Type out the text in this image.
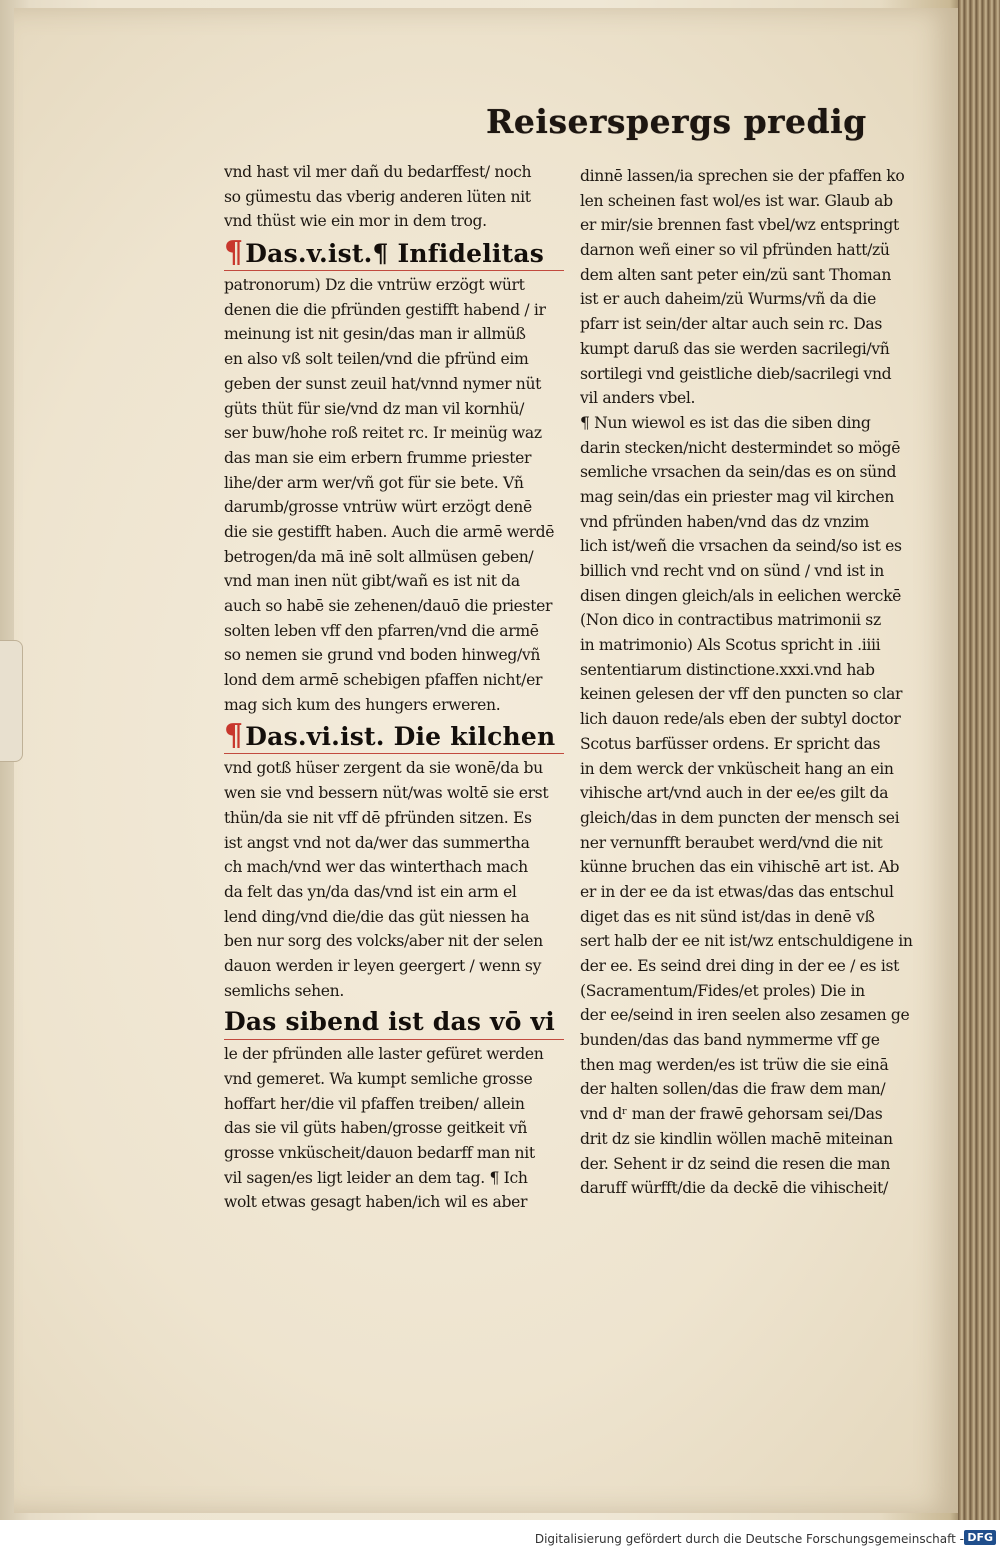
Reiserspergs predig
vnd hast vil mer dañ du bedarffest/ noch
so gümestu das vberig anderen lüten nit
vnd thüst wie ein mor in dem trog.
¶Das.v.ist.¶ Infidelitas
patronorum) Dz die vntrüw erzögt würt
denen die die pfründen gestifft habend / ir
meinung ist nit gesin/das man ir allmüß
en also vß solt teilen/vnd die pfründ eim
geben der sunst zeuil hat/vnnd nymer nüt
güts thüt für sie/vnd dz man vil kornhü/
ser buw/hohe roß reitet rc. Ir meinüg waz
das man sie eim erbern frumme priester
lihe/der arm wer/vñ got für sie bete. Vñ
darumb/grosse vntrüw würt erzögt denē
die sie gestifft haben. Auch die armē werdē
betrogen/da mā inē solt allmüsen geben/
vnd man inen nüt gibt/wañ es ist nit da
auch so habē sie zehenen/dauō die priester
solten leben vff den pfarren/vnd die armē
so nemen sie grund vnd boden hinweg/vñ
lond dem armē schebigen pfaffen nicht/er
mag sich kum des hungers erweren.
¶Das.vi.ist. Die kilchen
vnd gotß hüser zergent da sie wonē/da bu
wen sie vnd bessern nüt/was woltē sie erst
thün/da sie nit vff dē pfründen sitzen. Es
ist angst vnd not da/wer das summertha
ch mach/vnd wer das winterthach mach
da felt das yn/da das/vnd ist ein arm el
lend ding/vnd die/die das güt niessen ha
ben nur sorg des volcks/aber nit der selen
dauon werden ir leyen geergert / wenn sy
semlichs sehen.
Das sibend ist das vō vi
le der pfründen alle laster gefüret werden
vnd gemeret. Wa kumpt semliche grosse
hoffart her/die vil pfaffen treiben/ allein
das sie vil güts haben/grosse geitkeit vñ
grosse vnküscheit/dauon bedarff man nit
vil sagen/es ligt leider an dem tag. ¶ Ich
wolt etwas gesagt haben/ich wil es aber
dinnē lassen/ia sprechen sie der pfaffen ko
len scheinen fast wol/es ist war. Glaub ab
er mir/sie brennen fast vbel/wz entspringt
darnon weñ einer so vil pfründen hatt/zü
dem alten sant peter ein/zü sant Thoman
ist er auch daheim/zü Wurms/vñ da die
pfarr ist sein/der altar auch sein rc. Das
kumpt daruß das sie werden sacrilegi/vñ
sortilegi vnd geistliche dieb/sacrilegi vnd
vil anders vbel.
¶ Nun wiewol es ist das die siben ding
darin stecken/nicht destermindet so mögē
semliche vrsachen da sein/das es on sünd
mag sein/das ein priester mag vil kirchen
vnd pfründen haben/vnd das dz vnzim
lich ist/weñ die vrsachen da seind/so ist es
billich vnd recht vnd on sünd / vnd ist in
disen dingen gleich/als in eelichen werckē
(Non dico in contractibus matrimonii sz
in matrimonio) Als Scotus spricht in .iiii
sententiarum distinctione.xxxi.vnd hab
keinen gelesen der vff den puncten so clar
lich dauon rede/als eben der subtyl doctor
Scotus barfüsser ordens. Er spricht das
in dem werck der vnküscheit hang an ein
vihische art/vnd auch in der ee/es gilt da
gleich/das in dem puncten der mensch sei
ner vernunfft beraubet werd/vnd die nit
künne bruchen das ein vihischē art ist. Ab
er in der ee da ist etwas/das das entschul
diget das es nit sünd ist/das in denē vß
sert halb der ee nit ist/wz entschuldigene in
der ee. Es seind drei ding in der ee / es ist
(Sacramentum/Fides/et proles) Die in
der ee/seind in iren seelen also zesamen ge
bunden/das das band nymmerme vff ge
then mag werden/es ist trüw die sie einā
der halten sollen/das die fraw dem man/
vnd dʳ man der frawē gehorsam sei/Das
drit dz sie kindlin wöllen machē miteinan
der. Sehent ir dz seind die resen die man
daruff würfft/die da deckē die vihischeit/
Digitalisierung gefördert durch die Deutsche Forschungsgemeinschaft - DFG
